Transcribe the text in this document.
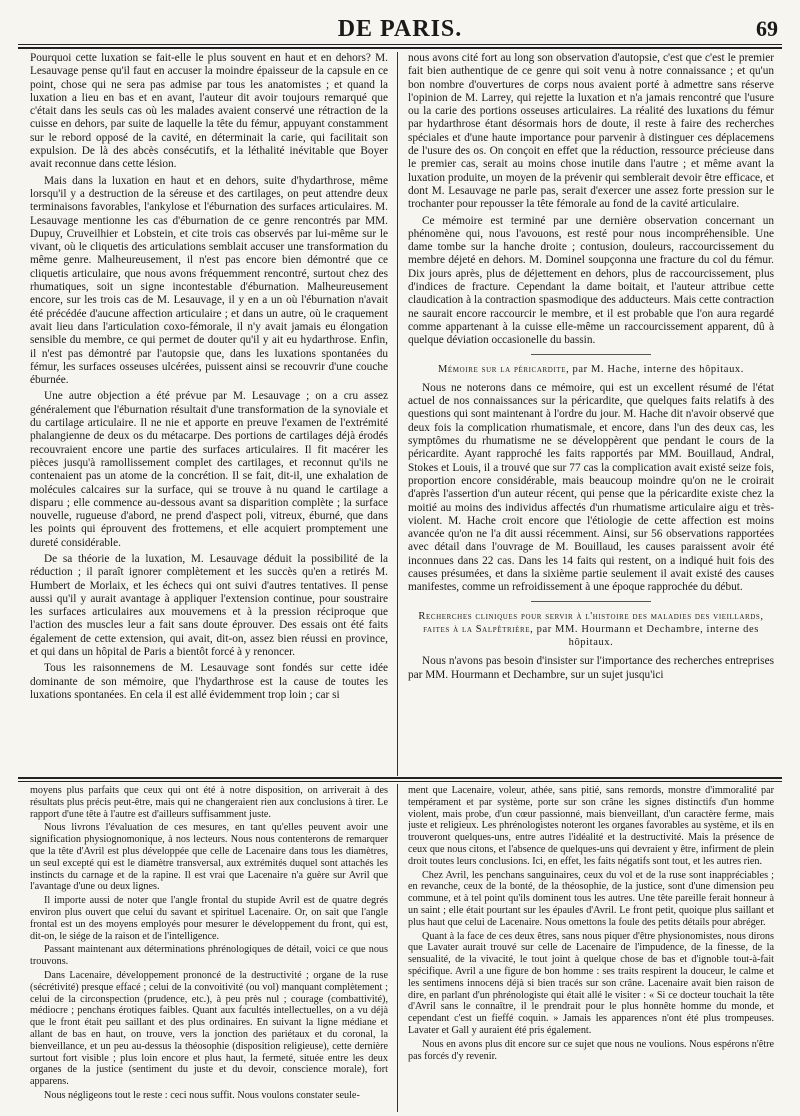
DE PARIS.	69

Pourquoi cette luxation se fait-elle le plus souvent en haut et en dehors? M. Lesauvage pense qu'il faut en accuser la moindre épaisseur de la capsule en ce point, chose qui ne sera pas admise par tous les anatomistes ; et quand la luxation a lieu en bas et en avant, l'auteur dit avoir toujours remarqué que c'était dans les seuls cas où les malades avaient conservé une rétraction de la cuisse en dehors, par suite de laquelle la tête du fémur, appuyant constamment sur le rebord opposé de la cavité, en déterminait la carie, qui facilitait son expulsion. De là des abcès consécutifs, et la léthalité inévitable que Boyer avait reconnue dans cette lésion.

Mais dans la luxation en haut et en dehors, suite d'hydarthrose, même lorsqu'il y a destruction de la séreuse et des cartilages, on peut attendre deux terminaisons favorables, l'ankylose et l'éburnation des surfaces articulaires. M. Lesauvage mentionne les cas d'éburnation de ce genre rencontrés par MM. Dupuy, Cruveilhier et Lobstein, et cite trois cas observés par lui-même sur le vivant, où le cliquetis des articulations semblait accuser une transformation du même genre. Malheureusement, il n'est pas encore bien démontré que ce cliquetis articulaire, que nous avons fréquemment rencontré, surtout chez des rhumatiques, soit un signe incontestable d'éburnation. Malheureusement encore, sur les trois cas de M. Lesauvage, il y en a un où l'éburnation n'avait été précédée d'aucune affection articulaire ; et dans un autre, où le craquement avait lieu dans l'articulation coxo-fémorale, il n'y avait jamais eu élongation sensible du membre, ce qui permet de douter qu'il y ait eu hydarthrose. Enfin, il n'est pas démontré par l'autopsie que, dans les luxations spontanées du fémur, les surfaces osseuses ulcérées, puissent ainsi se recouvrir d'une couche éburnée.

Une autre objection a été prévue par M. Lesauvage ; on a cru assez généralement que l'éburnation résultait d'une transformation de la synoviale et du cartilage articulaire. Il ne nie et apporte en preuve l'examen de l'extrémité phalangienne de deux os du métacarpe. Des portions de cartilages déjà érodés recouvraient encore une partie des surfaces articulaires. Il fit macérer les pièces jusqu'à ramollissement complet des cartilages, et reconnut qu'ils ne contenaient pas un atome de la concrétion. Il se fait, dit-il, une exhalation de molécules calcaires sur la surface, qui se trouve à nu quand le cartilage a disparu ; elle commence au-dessous avant sa disparition complète ; la surface nouvelle, rugueuse d'abord, ne prend d'aspect poli, vitreux, éburné, que dans les points qui éprouvent des frottemens, et elle acquiert promptement une dureté considérable.

De sa théorie de la luxation, M. Lesauvage déduit la possibilité de la réduction ; il paraît ignorer complètement et les succès qu'en a retirés M. Humbert de Morlaix, et les échecs qui ont suivi d'autres tentatives. Il pense aussi qu'il y aurait avantage à appliquer l'extension continue, pour soustraire les surfaces articulaires aux mouvemens et à la pression réciproque que l'action des muscles leur a fait sans doute éprouver. Des essais ont été faits également de cette extension, qui avait, dit-on, assez bien réussi en province, et qui dans un hôpital de Paris a bientôt forcé à y renoncer.

Tous les raisonnemens de M. Lesauvage sont fondés sur cette idée dominante de son mémoire, que l'hydarthrose est la cause de toutes les luxations spontanées. En cela il est allé évidemment trop loin ; car si

nous avons cité fort au long son observation d'autopsie, c'est que c'est le premier fait bien authentique de ce genre qui soit venu à notre connaissance ; et qu'un bon nombre d'ouvertures de corps nous avaient porté à admettre sans réserve l'opinion de M. Larrey, qui rejette la luxation et n'a jamais rencontré que l'usure ou la carie des portions osseuses articulaires. La réalité des luxations du fémur par hydarthrose étant désormais hors de doute, il reste à faire des recherches spéciales et d'une haute importance pour parvenir à distinguer ces déplacemens de l'usure des os. On conçoit en effet que la réduction, ressource précieuse dans le premier cas, serait au moins chose inutile dans l'autre ; et même avant la luxation produite, un moyen de la prévenir qui semblerait devoir être efficace, et dont M. Lesauvage ne parle pas, serait d'exercer une assez forte pression sur le trochanter pour repousser la tête fémorale au fond de la cavité articulaire.

Ce mémoire est terminé par une dernière observation concernant un phénomène qui, nous l'avouons, est resté pour nous incompréhensible. Une dame tombe sur la hanche droite ; contusion, douleurs, raccourcissement du membre déjeté en dehors. M. Dominel soupçonna une fracture du col du fémur. Dix jours après, plus de déjettement en dehors, plus de raccourcissement, plus d'indices de fracture. Cependant la dame boitait, et l'auteur attribue cette claudication à la contraction spasmodique des adducteurs. Mais cette contraction ne saurait encore raccourcir le membre, et il est probable que l'on aura regardé comme appartenant à la cuisse elle-même un raccourcissement apparent, dû à quelque déviation occasionelle du bassin.

Mémoire sur la péricardite, par M. Hache, interne des hôpitaux.

Nous ne noterons dans ce mémoire, qui est un excellent résumé de l'état actuel de nos connaissances sur la péricardite, que quelques faits relatifs à des questions qui sont maintenant à l'ordre du jour. M. Hache dit n'avoir observé que deux fois la complication rhumatismale, et encore, dans l'un des deux cas, les symptômes du rhumatisme ne se développèrent que pendant le cours de la péricardite. Ayant rapproché les faits rapportés par MM. Bouillaud, Andral, Stokes et Louis, il a trouvé que sur 77 cas la complication avait existé seize fois, proportion encore considérable, mais beaucoup moindre qu'on ne le croirait d'après l'assertion d'un auteur récent, qui pense que la péricardite existe chez la moitié au moins des individus affectés d'un rhumatisme articulaire aigu et très-violent. M. Hache croit encore que l'étiologie de cette affection est moins avancée qu'on ne l'a dit aussi récemment. Ainsi, sur 56 observations rapportées avec détail dans l'ouvrage de M. Bouillaud, les causes paraissent avoir été inconnues dans 22 cas. Dans les 14 faits qui restent, on a indiqué huit fois des causes présumées, et dans la sixième partie seulement il avait existé des causes manifestes, comme un refroidissement à une époque rapprochée du début.

Recherches cliniques pour servir à l'histoire des maladies des vieillards, faites à la Salpêtrière, par MM. Hourmann et Dechambre, interne des hôpitaux.

Nous n'avons pas besoin d'insister sur l'importance des recherches entreprises par MM. Hourmann et Dechambre, sur un sujet jusqu'ici

moyens plus parfaits que ceux qui ont été à notre disposition, on arriverait à des résultats plus précis peut-être, mais qui ne changeraient rien aux conclusions à tirer. Le rapport d'une tête à l'autre est d'ailleurs suffisamment juste.

Nous livrons l'évaluation de ces mesures, en tant qu'elles peuvent avoir une signification physiognomonique, à nos lecteurs. Nous nous contenterons de remarquer que la tête d'Avril est plus développée que celle de Lacenaire dans tous les diamètres, un seul excepté qui est le diamètre transversal, aux extrémités duquel sont attachés les instincts du carnage et de la rapine. Il est vrai que Lacenaire n'a guère sur Avril que l'avantage d'une ou deux lignes.

Il importe aussi de noter que l'angle frontal du stupide Avril est de quatre degrés environ plus ouvert que celui du savant et spirituel Lacenaire. Or, on sait que l'angle frontal est un des moyens employés pour mesurer le développement du front, qui est, dit-on, le siége de la raison et de l'intelligence.

Passant maintenant aux déterminations phrénologiques de détail, voici ce que nous trouvons.

Dans Lacenaire, développement prononcé de la destructivité ; organe de la ruse (sécrétivité) presque effacé ; celui de la convoitivité (ou vol) manquant complètement ; celui de la circonspection (prudence, etc.), à peu près nul ; courage (combattivité), médiocre ; penchans érotiques faibles. Quant aux facultés intellectuelles, on a vu déjà que le front était peu saillant et des plus ordinaires. En suivant la ligne médiane et allant de bas en haut, on trouve, vers la jonction des pariétaux et du coronal, la bienveillance, et un peu au-dessus la théosophie (disposition religieuse), cette dernière surtout fort visible ; plus loin encore et plus haut, la fermeté, située entre les deux organes de la justice (sentiment du juste et du devoir, conscience morale), fort apparens.

Nous négligeons tout le reste : ceci nous suffit. Nous voulons constater seule-

ment que Lacenaire, voleur, athée, sans pitié, sans remords, monstre d'immoralité par tempérament et par système, porte sur son crâne les signes distinctifs d'un homme violent, mais probe, d'un cœur passionné, mais bienveillant, d'un caractère ferme, mais juste et religieux. Les phrénologistes noteront les organes favorables au système, et ils en trouveront quelques-uns, entre autres l'idéalité et la destructivité. Mais la présence de ceux que nous citons, et l'absence de quelques-uns qui devraient y être, infirment de plein droit toutes leurs conclusions. Ici, en effet, les faits négatifs sont tout, et les autres rien.

Chez Avril, les penchans sanguinaires, ceux du vol et de la ruse sont inappréciables ; en revanche, ceux de la bonté, de la théosophie, de la justice, sont d'une dimension peu commune, et à tel point qu'ils dominent tous les autres. Une tête pareille ferait honneur à un saint ; elle était pourtant sur les épaules d'Avril. Le front petit, quoique plus saillant et plus haut que celui de Lacenaire. Nous omettons la foule des petits détails pour abréger.

Quant à la face de ces deux êtres, sans nous piquer d'être physionomistes, nous dirons que Lavater aurait trouvé sur celle de Lacenaire de l'impudence, de la finesse, de la sensualité, de la vivacité, le tout joint à quelque chose de bas et d'ignoble tout-à-fait spécifique. Avril a une figure de bon homme : ses traits respirent la douceur, le calme et les sentimens innocens déjà si bien tracés sur son crâne. Lacenaire avait bien raison de dire, en parlant d'un phrénologiste qui était allé le visiter : « Si ce docteur touchait la tête d'Avril sans le connaître, il le prendrait pour le plus honnête homme du monde, et cependant c'est un fieffé coquin. » Jamais les apparences n'ont été plus trompeuses. Lavater et Gall y auraient été pris également.

Nous en avons plus dit encore sur ce sujet que nous ne voulions. Nous espérons n'être pas forcés d'y revenir.
